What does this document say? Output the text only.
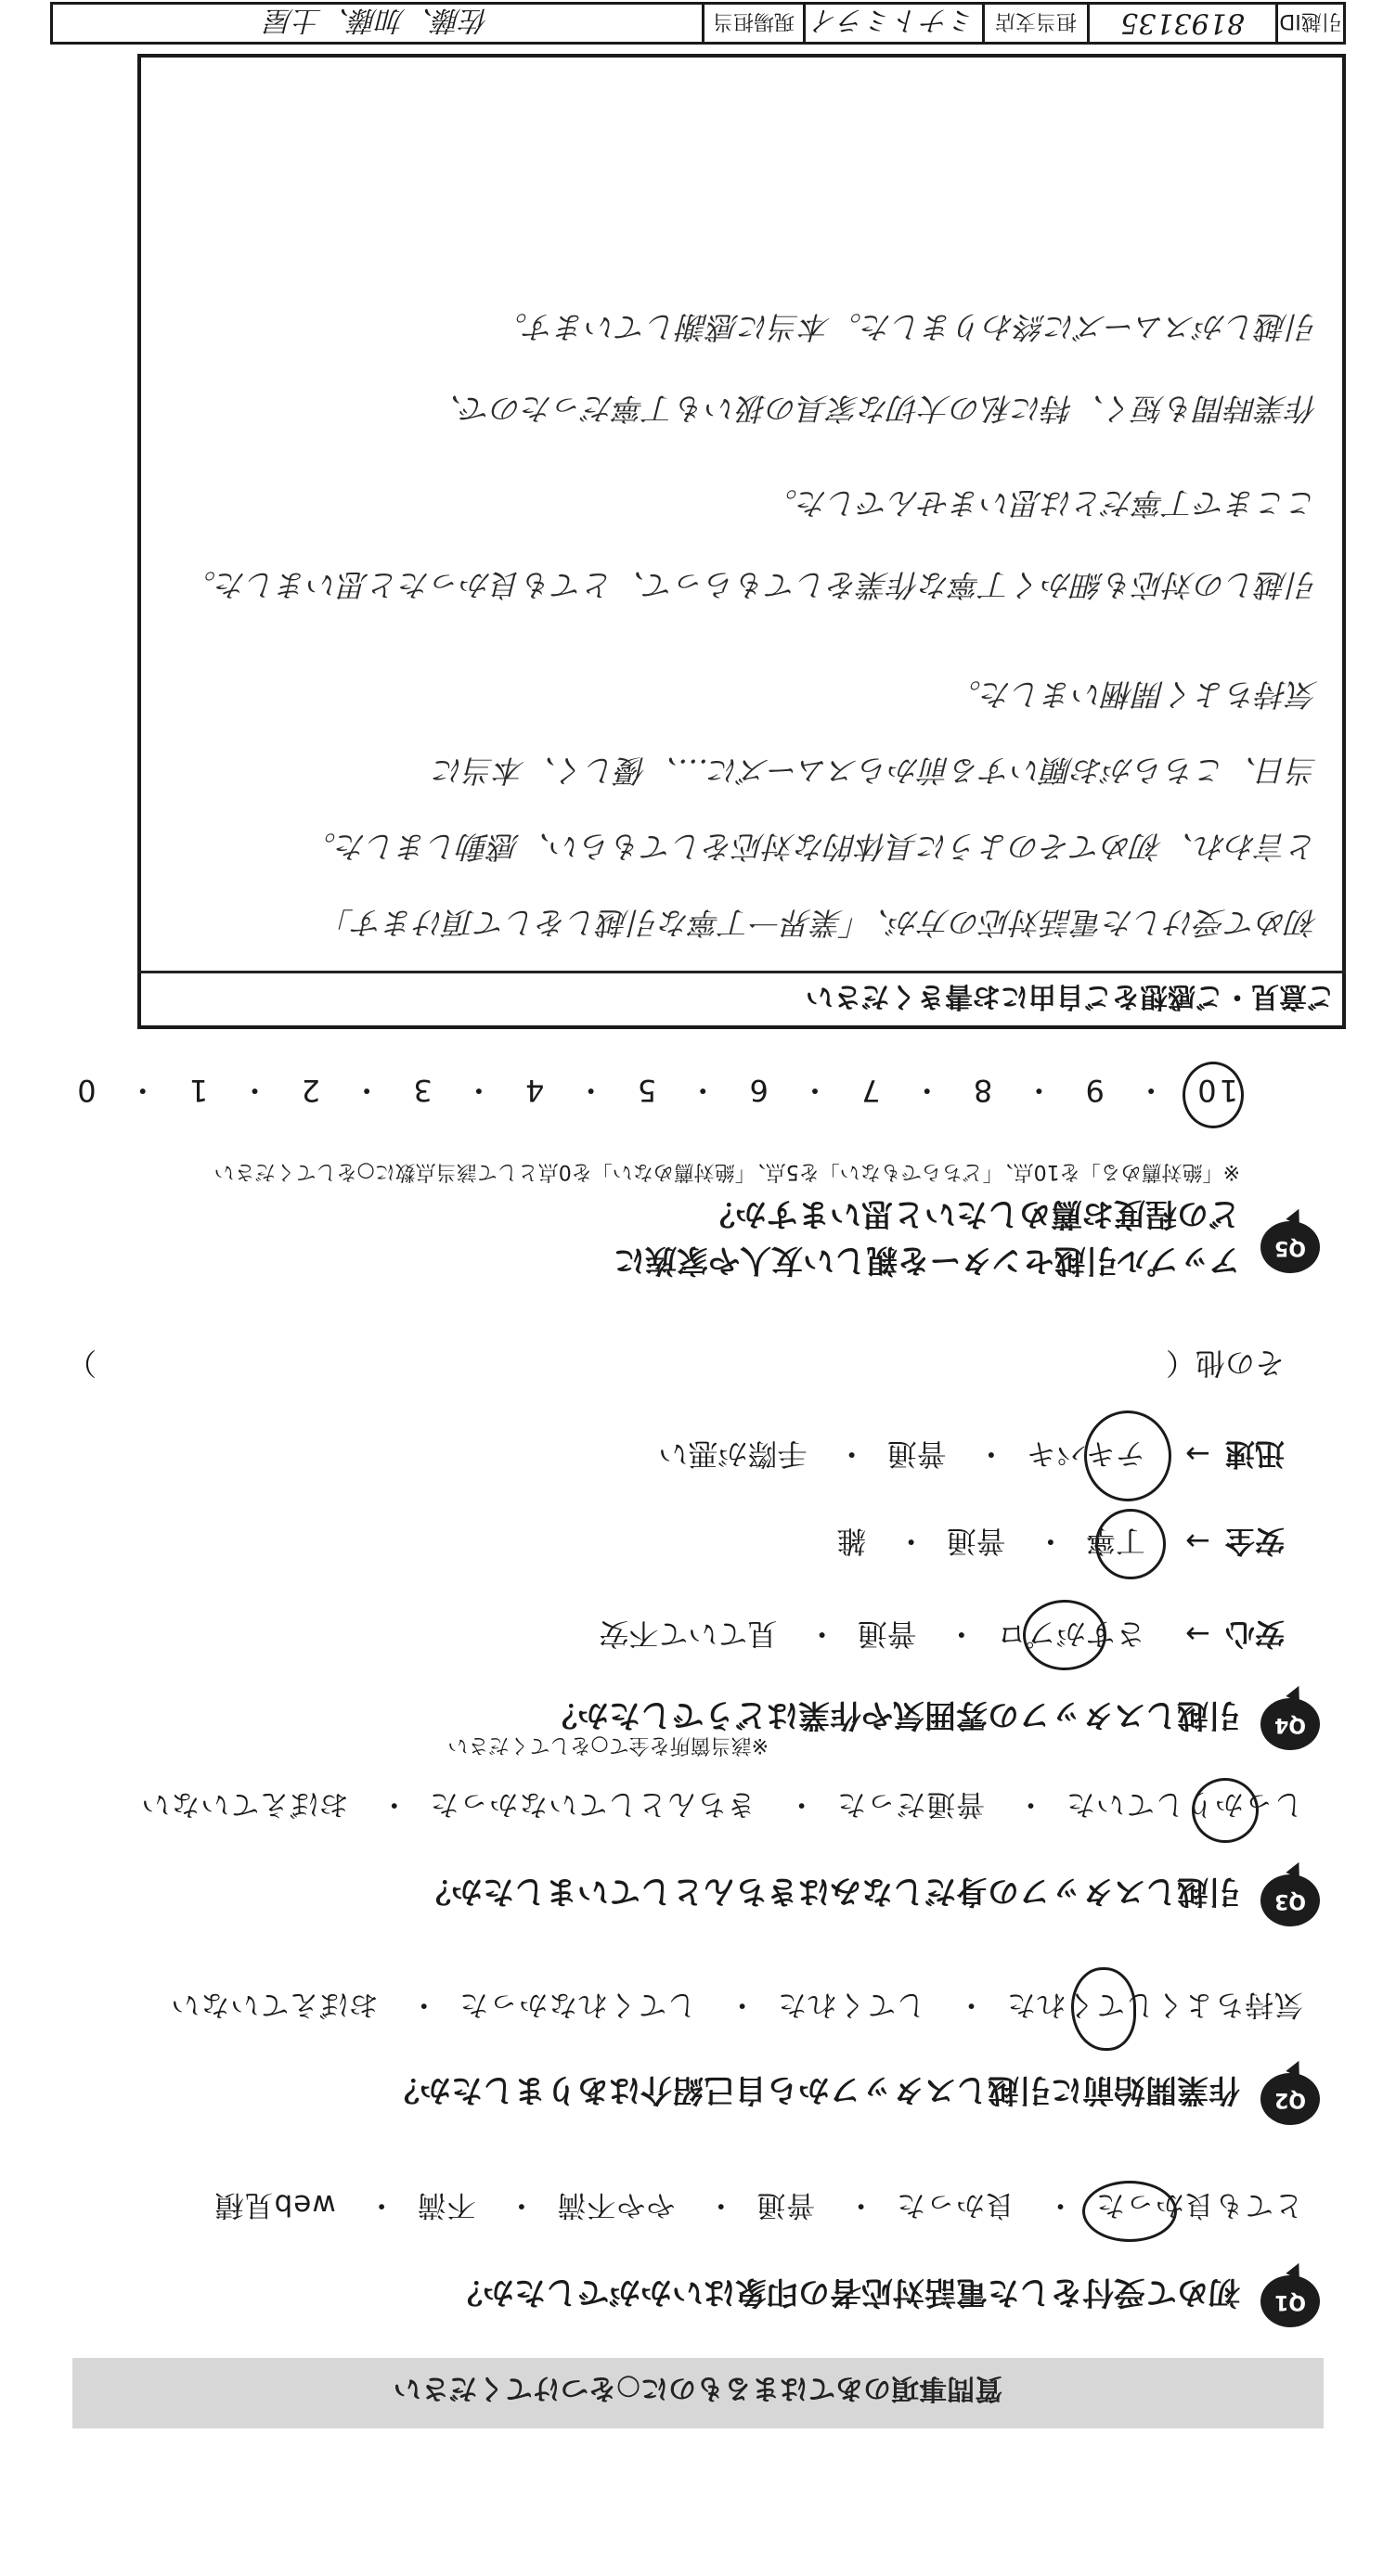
質問事項のあてはまるものに○をつけてください
Q1
初めて受付をした電話対応者の印象はいかがでしたか？
とても良かった・ 良かった・ 普通・ やや不満・ 不満・ web見積
Q2
作業開始前に引越しスタッフから自己紹介はありましたか？
気持ちよくしてくれた・ してくれた・ してくれなかった・ おぼえていない
Q3
引越しスタッフの身だしなみはきちんとしていましたか？
しっかりしていた・ 普通だった・ きちんとしていなかった・ おぼえていない
Q4
引越しスタッフの雰囲気や作業はどうでしたか？
※該当箇所を全て○をしてください
安心→ さすがプロ・ 普通・ 見ていて不安
安全→ 丁寧・ 普通・ 雑
迅速→ テキパキ・ 普通・ 手際が悪い
その他（
）
Q5
アップル引越センターを親しい友人や家族に
どの程度お薦めしたいと思いますか？
※「絶対薦める」を10点、「どちらでもない」を5点、「絶対薦めない」を0点として該当点数に○をしてください
10 ・ 9 ・ 8 ・ 7 ・ 6 ・ 5 ・ 4 ・ 3 ・ 2 ・ 1 ・ 0
ご意見・ご感想をご自由にお書きください
初めて受けした電話対応の方が、「業界一丁寧な引越しをして頂けます」
と言われ、初めてそのように具体的な対応をしてもらい、感動しました。
当日、こちらがお願いする前からスムーズに…、優しく、本当に
気持ちよく開梱いました。
引越しの対応も細かく丁寧な作業をしてもらって、とても良かったと思いました。
ここまで丁寧だとは思いませんでした。
作業時間も短く、特に私の大切な家具の扱いも丁寧だったので、
引越しがスムーズに終わりました。本当に感謝しています。
引越ID
8193135
担当支店
ミナトミライ
現場担当
佐藤、加藤、土屋
